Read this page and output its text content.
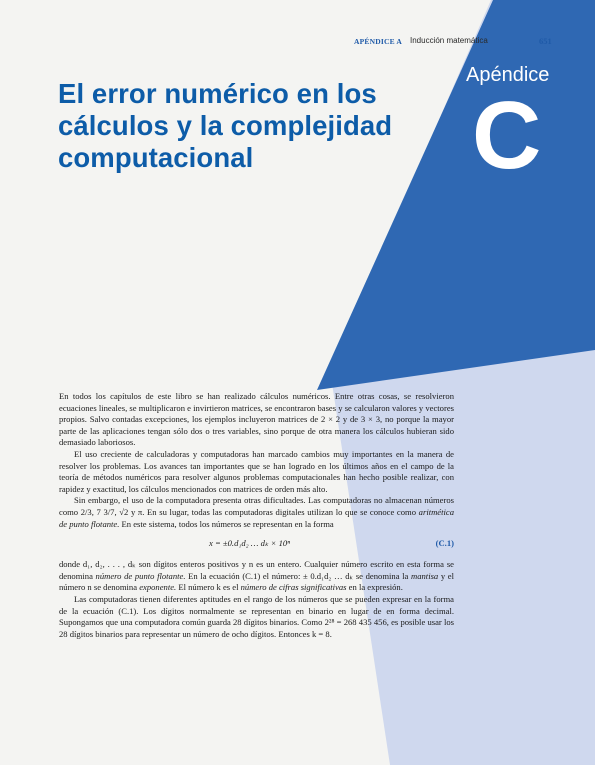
APÉNDICE A Inducción matemática	651
El error numérico en los
cálculos y la complejidad
computacional
Apéndice
C

En todos los capítulos de este libro se han realizado cálculos numéricos. Entre otras cosas, se resolvieron ecuaciones lineales, se multiplicaron e invirtieron matrices, se encontraron bases y se calcularon valores y vectores propios. Salvo contadas excepciones, los ejemplos incluyeron matrices de 2 × 2 y de 3 × 3, no porque la mayor parte de las aplicaciones tengan sólo dos o tres variables, sino porque de otra manera los cálculos hubieran sido demasiado laboriosos.

El uso creciente de calculadoras y computadoras han marcado cambios muy importantes en la manera de resolver los problemas. Los avances tan importantes que se han logrado en los últimos años en el campo de la teoría de métodos numéricos para resolver algunos problemas computacionales han hecho posible realizar, con rapidez y exactitud, los cálculos mencionados con matrices de orden más alto.

Sin embargo, el uso de la computadora presenta otras dificultades. Las computadoras no almacenan números como 2/3, 7 3/7, √2 y π. En su lugar, todas las computadoras digitales utilizan lo que se conoce como aritmética de punto flotante. En este sistema, todos los números se representan en la forma

x = ±0.d₁d₂ … dₖ × 10ⁿ	(C.1)

donde d₁, d₂, . . . , dₖ son dígitos enteros positivos y n es un entero. Cualquier número escrito en esta forma se denomina número de punto flotante. En la ecuación (C.1) el número: ± 0.d₁d₂ … dₖ se denomina la mantisa y el número n se denomina exponente. El número k es el número de cifras significativas en la expresión.

Las computadoras tienen diferentes aptitudes en el rango de los números que se pueden expresar en la forma de la ecuación (C.1). Los dígitos normalmente se representan en binario en lugar de en forma decimal. Supongamos que una computadora común guarda 28 dígitos binarios. Como 2²⁸ = 268 435 456, es posible usar los 28 dígitos binarios para representar un número de ocho dígitos. Entonces k = 8.
